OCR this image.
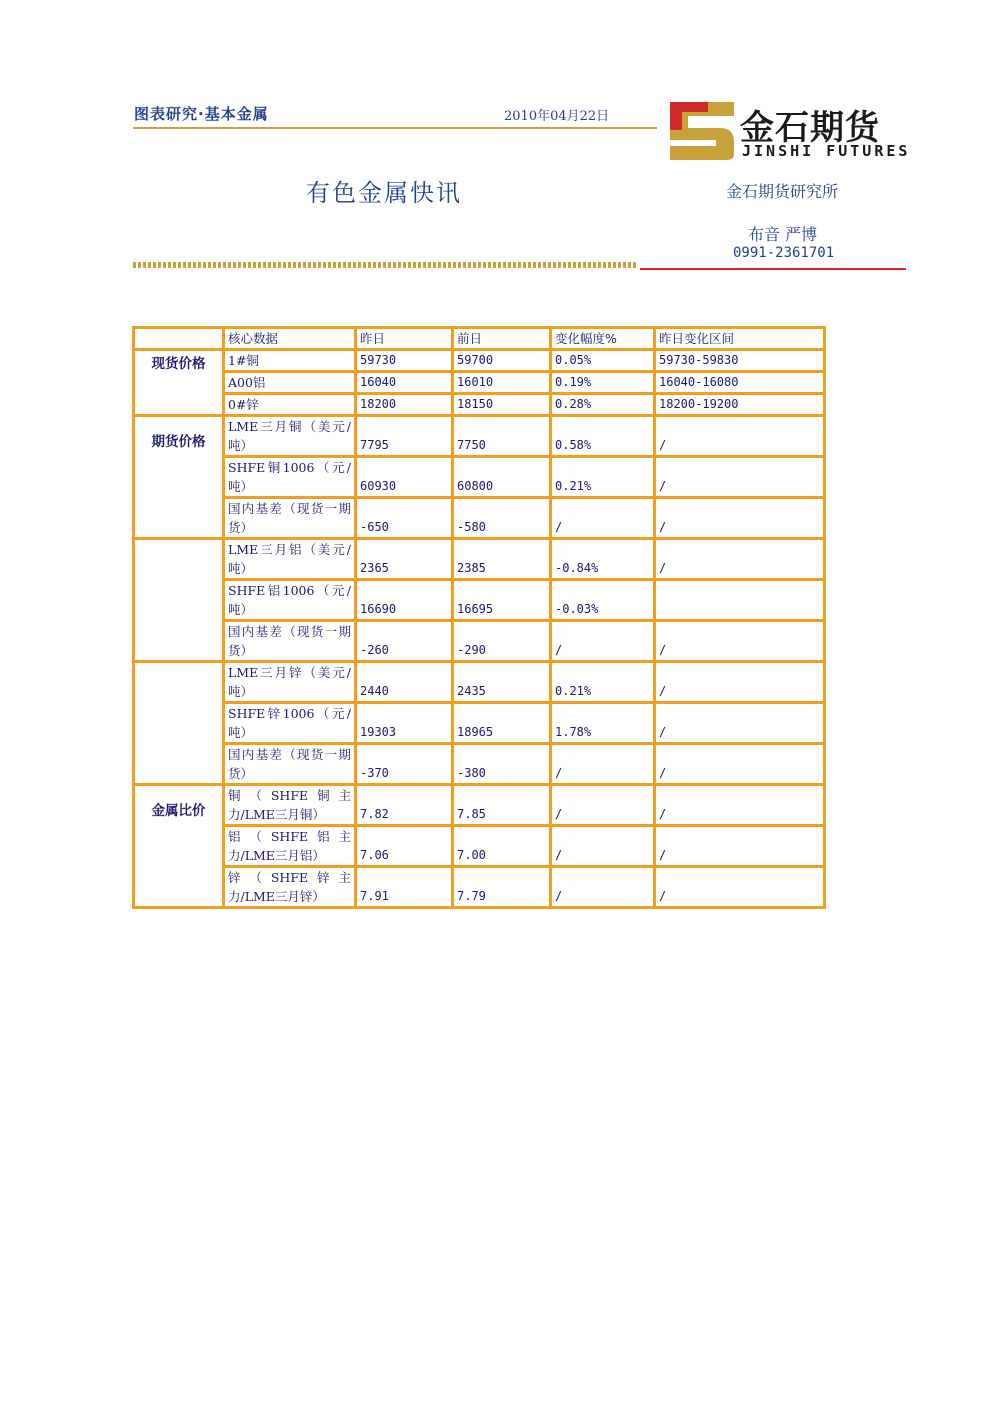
图表研究·基本金属	2010年04月22日	金石期货
JINSHI FUTURES
有色金属快讯	金石期货研究所
布音 严博
0991-2361701
	核心数据	昨日	前日	变化幅度%	昨日变化区间
现货价格	1#铜	59730	59700	0.05%	59730-59830
	A00铝	16040	16010	0.19%	16040-16080
	0#锌	18200	18150	0.28%	18200-19200
期货价格	LME三月铜（美元/吨）	7795	7750	0.58%	/
	SHFE铜1006（元/吨）	60930	60800	0.21%	/
	国内基差（现货一期货）	-650	-580	/	/
	LME三月铝（美元/吨）	2365	2385	-0.84%	/
	SHFE铝1006（元/吨）	16690	16695	-0.03%	
	国内基差（现货一期货）	-260	-290	/	/
	LME三月锌（美元/吨）	2440	2435	0.21%	/
	SHFE锌1006（元/吨）	19303	18965	1.78%	/
	国内基差（现货一期货）	-370	-380	/	/
金属比价	铜（SHFE铜主力/LME三月铜）	7.82	7.85	/	/
	铝（SHFE铝主力/LME三月铝）	7.06	7.00	/	/
	锌（SHFE锌主力/LME三月锌）	7.91	7.79	/	/
